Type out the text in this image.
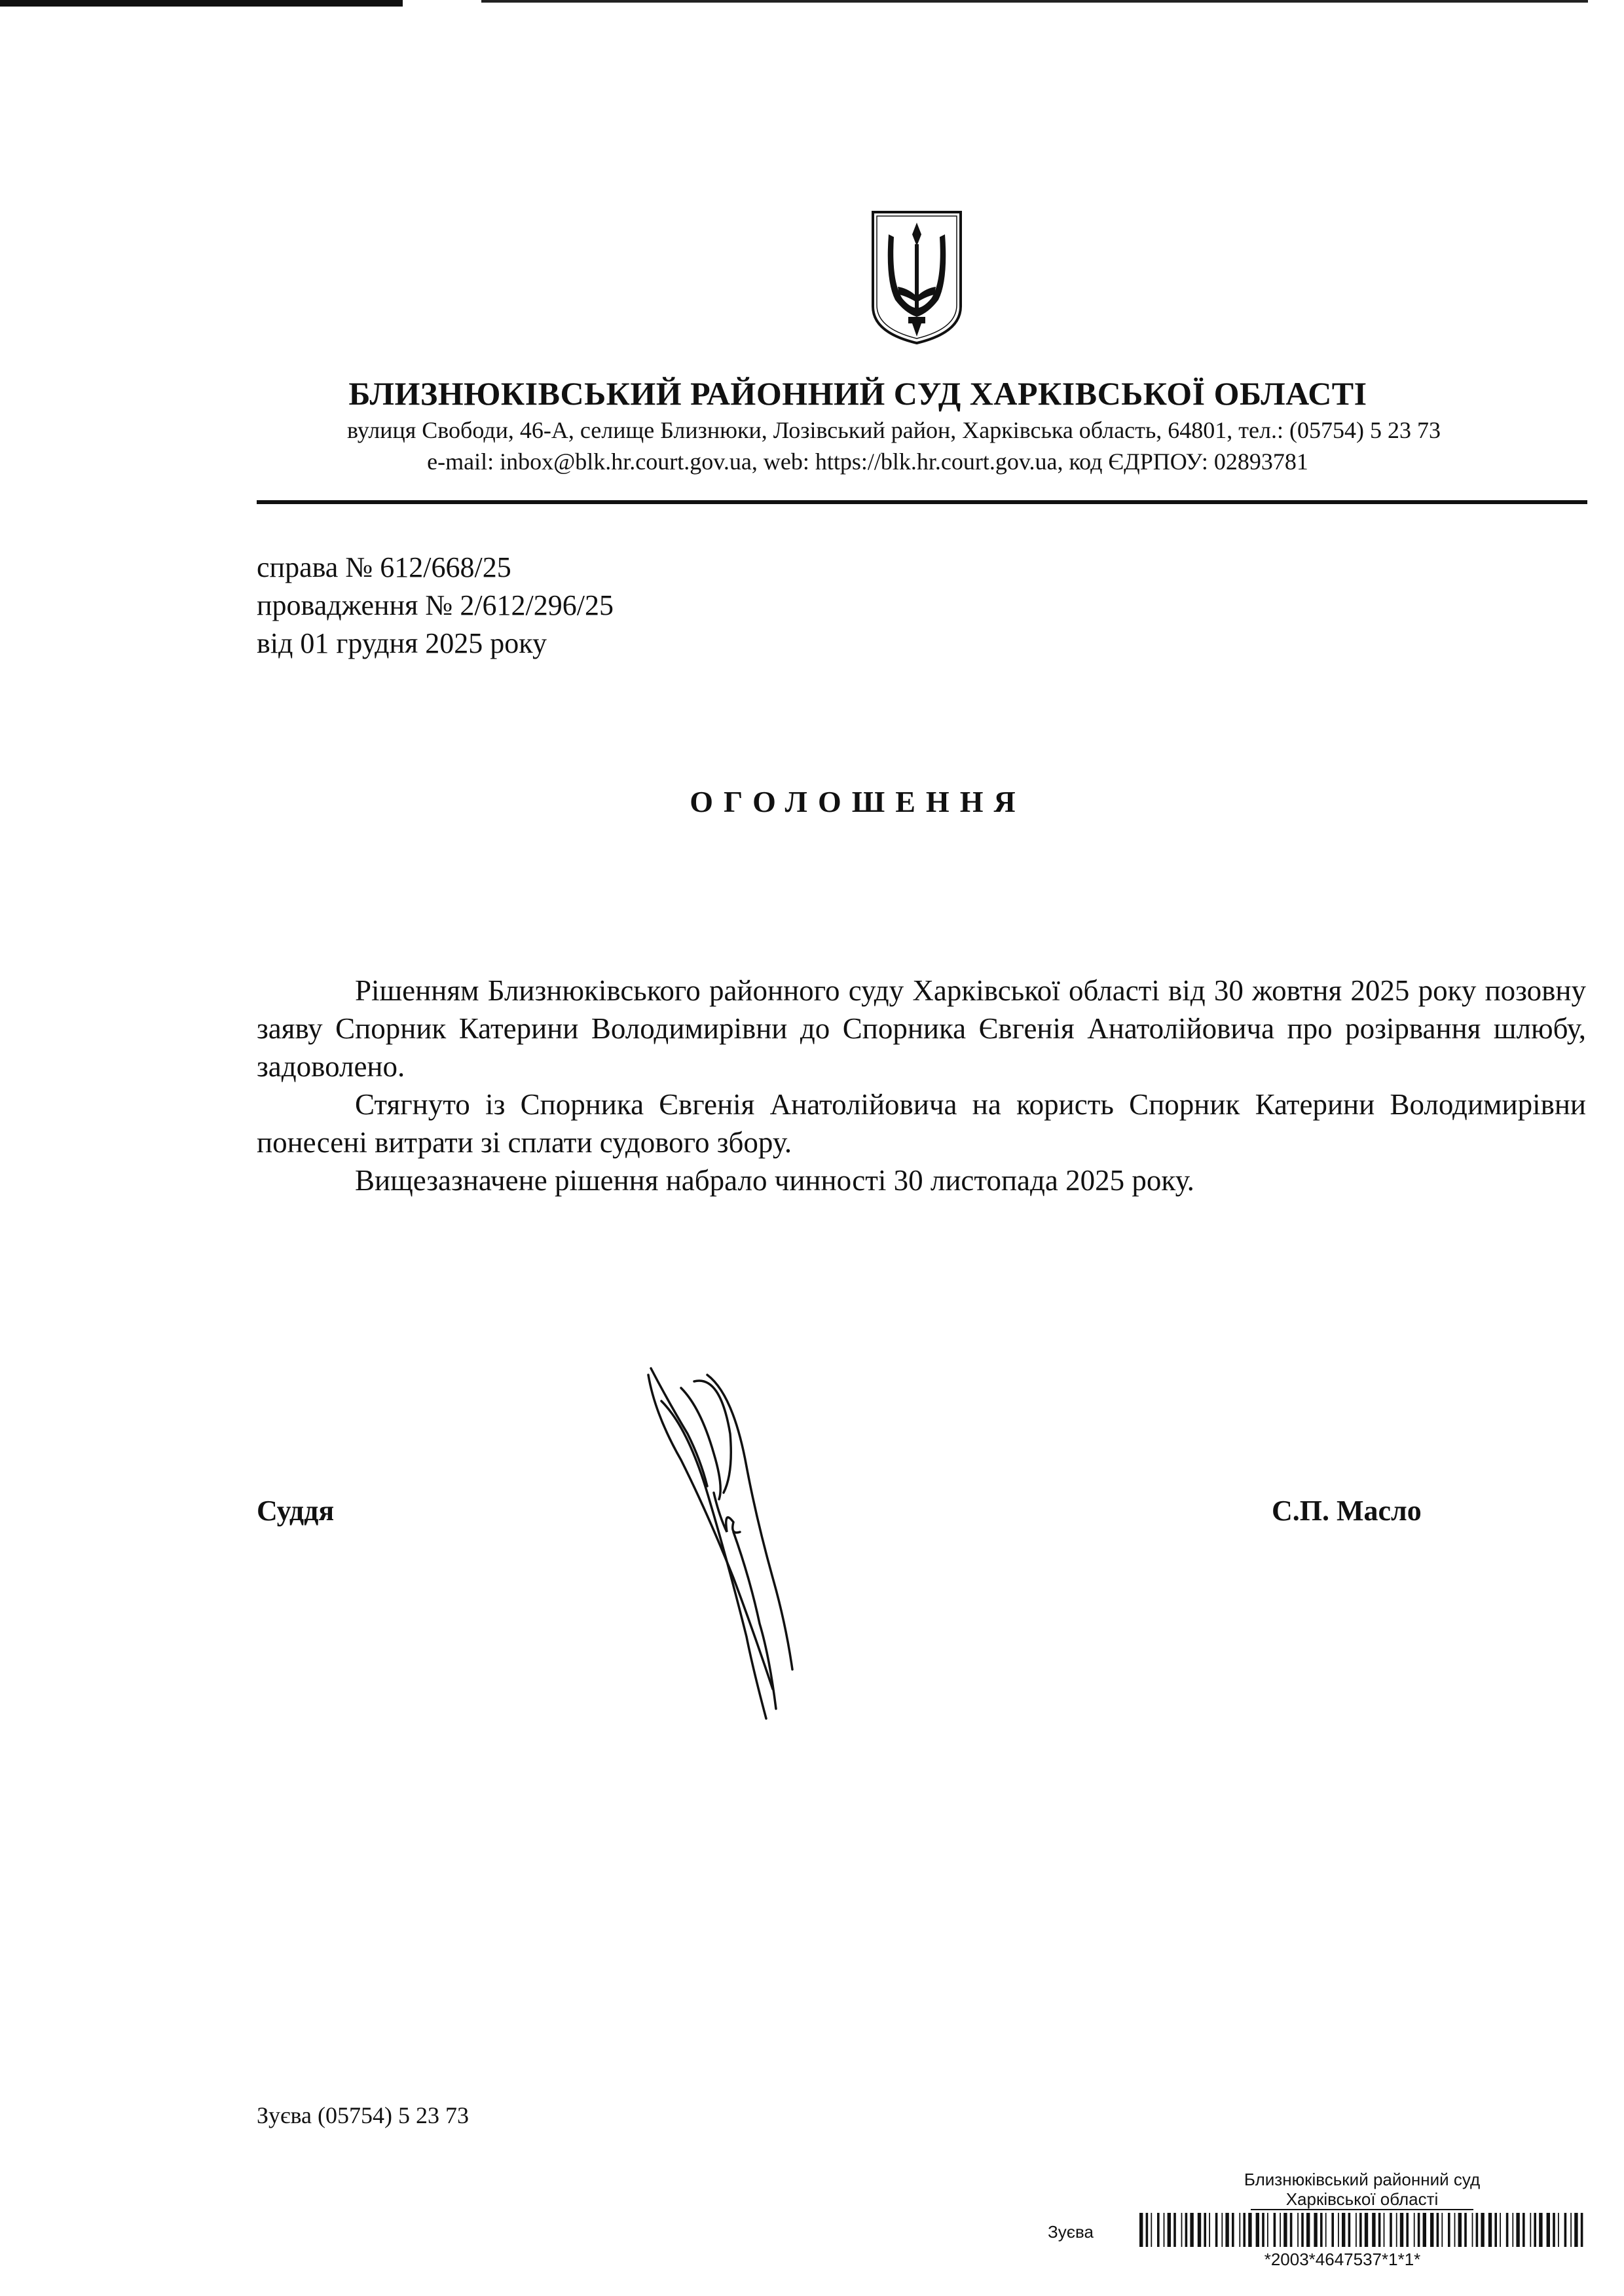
БЛИЗНЮКІВСЬКИЙ РАЙОННИЙ СУД ХАРКІВСЬКОЇ ОБЛАСТІ
вулиця Свободи, 46-А, селище Близнюки, Лозівський район, Харківська область, 64801, тел.: (05754) 5 23 73
e-mail: inbox@blk.hr.court.gov.ua, web: https://blk.hr.court.gov.ua, код ЄДРПОУ: 02893781
справа № 612/668/25
провадження № 2/612/296/25
від 01 грудня 2025 року
ОГОЛОШЕННЯ

Рішенням Близнюківського районного суду Харківської області від 30 жовтня 2025 року позовну заяву Спорник Катерини Володимирівни до Спорника Євгенія Анатолійовича про розірвання шлюбу, задоволено.

Стягнуто із Спорника Євгенія Анатолійовича на користь Спорник Катерини Володимирівни понесені витрати зі сплати судового збору.

Вищезазначене рішення набрало чинності 30 листопада 2025 року.

Суддя	С.П. Масло
Зуєва (05754) 5 23 73
Близнюківський районний суд
Харківської області
Зуєва
*2003*4647537*1*1*
